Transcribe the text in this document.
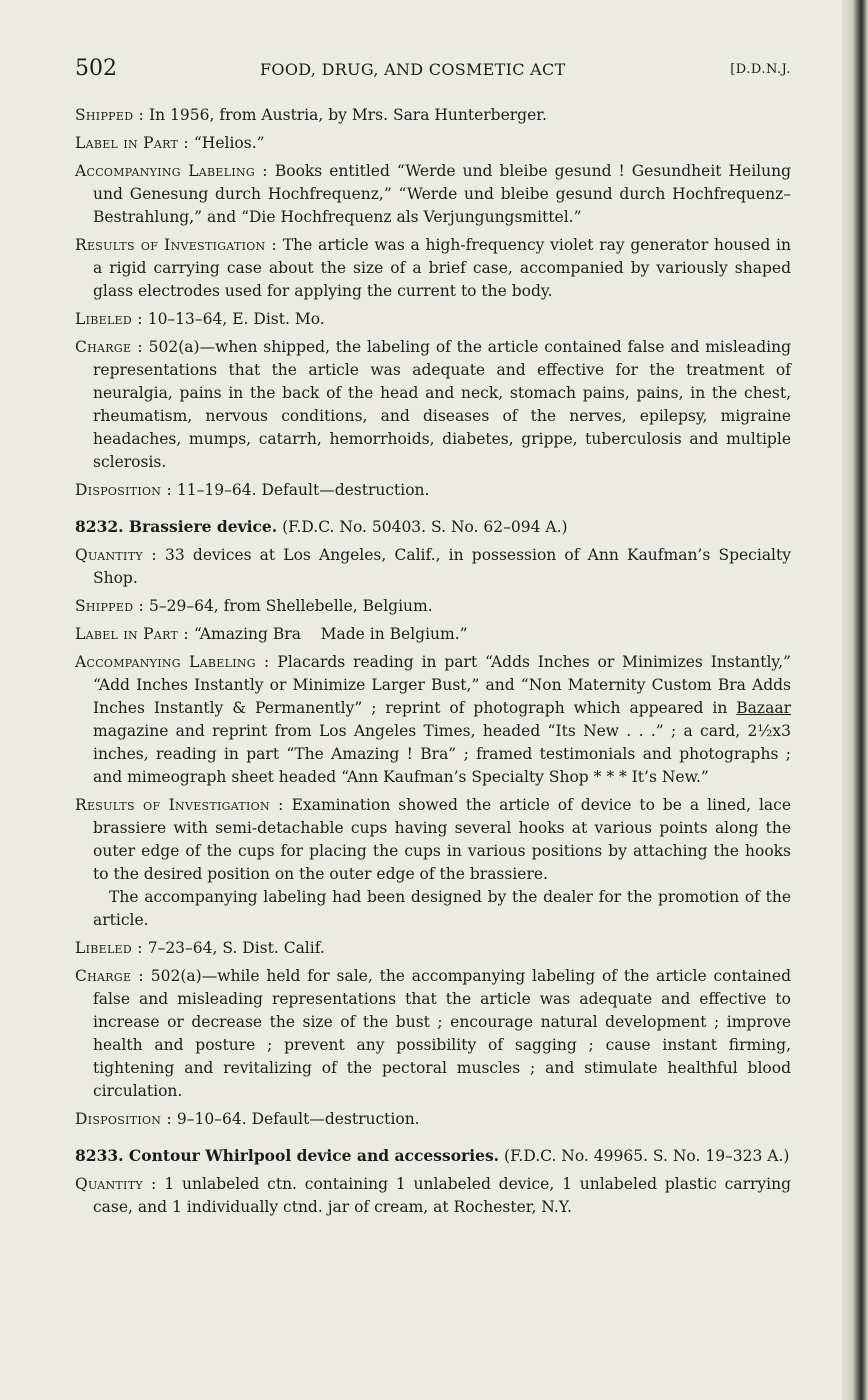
502	FOOD, DRUG, AND COSMETIC ACT	[D.D.N.J.

Shipped : In 1956, from Austria, by Mrs. Sara Hunterberger.

Label in Part : “Helios.”

Accompanying Labeling : Books entitled “Werde und bleibe gesund ! Gesundheit Heilung und Genesung durch Hochfrequenz,” “Werde und bleibe gesund durch Hochfrequenz–Bestrahlung,” and “Die Hochfrequenz als Verjungungsmittel.”

Results of Investigation : The article was a high-frequency violet ray generator housed in a rigid carrying case about the size of a brief case, accompanied by variously shaped glass electrodes used for applying the current to the body.

Libeled : 10–13–64, E. Dist. Mo.

Charge : 502(a)—when shipped, the labeling of the article contained false and misleading representations that the article was adequate and effective for the treatment of neuralgia, pains in the back of the head and neck, stomach pains, pains, in the chest, rheumatism, nervous conditions, and diseases of the nerves, epilepsy, migraine headaches, mumps, catarrh, hemorrhoids, diabetes, grippe, tuberculosis and multiple sclerosis.

Disposition : 11–19–64. Default—destruction.

8232. Brassiere device. (F.D.C. No. 50403. S. No. 62–094 A.)

Quantity : 33 devices at Los Angeles, Calif., in possession of Ann Kaufman’s Specialty Shop.

Shipped : 5–29–64, from Shellebelle, Belgium.

Label in Part : “Amazing Bra    Made in Belgium.”

Accompanying Labeling : Placards reading in part “Adds Inches or Minimizes Instantly,” “Add Inches Instantly or Minimize Larger Bust,” and “Non Maternity Custom Bra Adds Inches Instantly & Permanently” ; reprint of photograph which appeared in Bazaar magazine and reprint from Los Angeles Times, headed “Its New . . .” ; a card, 2½x3 inches, reading in part “The Amazing ! Bra” ; framed testimonials and photographs ; and mimeograph sheet headed “Ann Kaufman’s Specialty Shop * * * It’s New.”

Results of Investigation : Examination showed the article of device to be a lined, lace brassiere with semi-detachable cups having several hooks at various points along the outer edge of the cups for placing the cups in various positions by attaching the hooks to the desired position on the outer edge of the brassiere.

The accompanying labeling had been designed by the dealer for the promotion of the article.

Libeled : 7–23–64, S. Dist. Calif.

Charge : 502(a)—while held for sale, the accompanying labeling of the article contained false and misleading representations that the article was adequate and effective to increase or decrease the size of the bust ; encourage natural development ; improve health and posture ; prevent any possibility of sagging ; cause instant firming, tightening and revitalizing of the pectoral muscles ; and stimulate healthful blood circulation.

Disposition : 9–10–64. Default—destruction.

8233. Contour Whirlpool device and accessories. (F.D.C. No. 49965. S. No. 19–323 A.)

Quantity : 1 unlabeled ctn. containing 1 unlabeled device, 1 unlabeled plastic carrying case, and 1 individually ctnd. jar of cream, at Rochester, N.Y.
